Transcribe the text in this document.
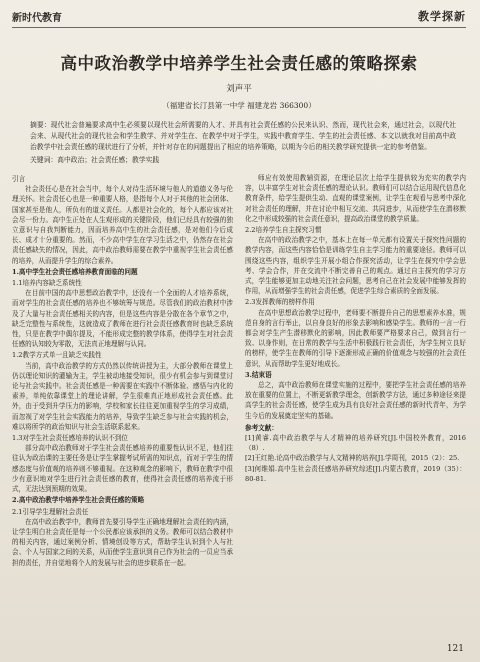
新时代教育	教学探新
高中政治教学中培养学生社会责任感的策略探索
刘声平
（福建省长汀县第一中学 福建龙岩 366300）
摘要：现代社会普遍要求高中生必须要以现代社会所需要的人才、并具有社会责任感的公民来认识、然而，现代社会来，通过社会，以现代社会来、从现代社会的现代社会和学生教学、并对学生在、在教学中对于学生，实践中教育学生、学生的社会责任感、本文以就我对目前高中政治教学中社会责任感的现状进行了分析，并针对存在的问题提出了相应的培养策略，以期为今后的相关教学研究提供一定的参考借鉴。
关键词：高中政治；社会责任感；教学实践

引言

社会责任心是在社会当中，每个人对待生活环境与他人的道德义务与伦理关怀。社会责任心也是一种重要人格，是指每个人对于其他的社会团体、国家甚至是他人，所负有的道义责任。人都是社会化的，每个人都应该对社会尽一份力。高中生正处在人生观形成的关键阶段，他们已经具有较强的独立意识与自我判断能力，因而培养高中生的社会责任感，是对他们今后成长、成才十分重要的。然而，不少高中学生在学习生活之中，仍然存在社会责任感缺失的情况，因此，高中政治教师需要在教学中重视学生社会责任感的培养，从而提升学生的综合素养。

1.高中学生社会责任感培养教育面临的问题

1.1培养内容缺乏系统性

在目前中国的高中思想政治教学中，还没有一个全面的人才培养系统，而对学生的社会责任感的培养也不够统筹与规范。尽管我们的政治教材中涉及了大量与社会责任感相关的内容，但是这些内容是分散在各个章节之中，缺乏完整性与系统性，这就造成了教师在进行社会责任感教育时也缺乏系统性，只是在教学中偶尔提及，不能形成完整的教学体系，使得学生对社会责任感的认知较为零散，无法真正地理解与认同。

1.2教学方式单一且缺乏实践性

当前，高中政治教学的方式仍然以传统讲授为主，大部分教师在课堂上仍以理论知识的灌输为主，学生被动地接受知识，很少有机会参与到课堂讨论与社会实践中。社会责任感是一种需要在实践中不断体验、感悟与内化的素养，单纯依靠课堂上的理论讲解，学生很难真正地形成社会责任感。此外，由于受到升学压力的影响，学校和家长往往更加重视学生的学习成绩，而忽视了对学生社会实践能力的培养，导致学生缺乏参与社会实践的机会，难以将所学的政治知识与社会生活联系起来。

1.3对学生社会责任感培养的认识不到位

部分高中政治教师对于学生社会责任感培养的重要性认识不足，他们往往认为政治课的主要任务是让学生掌握考试所需的知识点，而对于学生的情感态度与价值观的培养则不够重视。在这种观念的影响下，教师在教学中很少有意识地对学生进行社会责任感的教育，使得社会责任感的培养流于形式，无法达到预期的效果。

2.高中政治教学中培养学生社会责任感的策略

2.1引导学生理解社会责任

在高中政治教学中，教师首先要引导学生正确地理解社会责任的内涵，让学生明白社会责任是每一个公民都应该承担的义务。教师可以结合教材中的相关内容，通过案例分析、情境创设等方式，帮助学生认识到个人与社会、个人与国家之间的关系，从而使学生意识到自己作为社会的一员应当承担的责任，并自觉地将个人的发展与社会的进步联系在一起。

师应有效使用教辅资源，在理论层次上给学生提供较为充实的教学内容，以丰富学生对社会责任感的理论认识。教师们可以结合运用现代信息化教育条件，给学生提供生动、直观的课堂案例，让学生在观看与思考中深化对社会责任的理解，并在讨论中相互交流、共同进步，从而使学生在潜移默化之中形成较强的社会责任意识，提高政治课堂的教学质量。

2.2培养学生自主探究习惯

在高中的政治教学之中，基本上在每一单元都有设置关于探究性问题的教学内容，而这些内容恰恰是训练学生自主学习能力的重要途径。教师可以围绕这些内容，组织学生开展小组合作探究活动，让学生在探究中学会思考、学会合作，并在交流中不断完善自己的观点。通过自主探究的学习方式，学生能够更加主动地关注社会问题，思考自己在社会发展中能够发挥的作用，从而增强学生的社会责任感，促进学生综合素质的全面发展。

2.3发挥教师的榜样作用

在高中思想政治教学过程中，老师要不断提升自己的思想素养水准，规范自身的言行举止，以自身良好的形象去影响和感染学生。教师的一言一行都会对学生产生潜移默化的影响，因此教师要严格要求自己，做到言行一致、以身作则，在日常的教学与生活中积极践行社会责任，为学生树立良好的榜样，使学生在教师的引导下逐渐形成正确的价值观念与较强的社会责任意识，从而帮助学生更好地成长。

3.结束语

总之，高中政治教师在课堂实施的过程中，要把学生社会责任感的培养放在重要的位置上，不断更新教学理念，创新教学方法，通过多种途径来提高学生的社会责任感，使学生成为具有良好社会责任感的新时代青年，为学生今后的发展奠定坚实的基础。

参考文献：

[1]黄睿.高中政治教学与人才精神的培养研究[J].中国校外教育，2016（8）.

[2]王红艳.论高中政治教学与人文精神的培养[J].学周刊，2015（2）：25.

[3]何维娟.高中生社会责任感培养研究综述[J].内蒙古教育，2019（35）：80-81.

121
